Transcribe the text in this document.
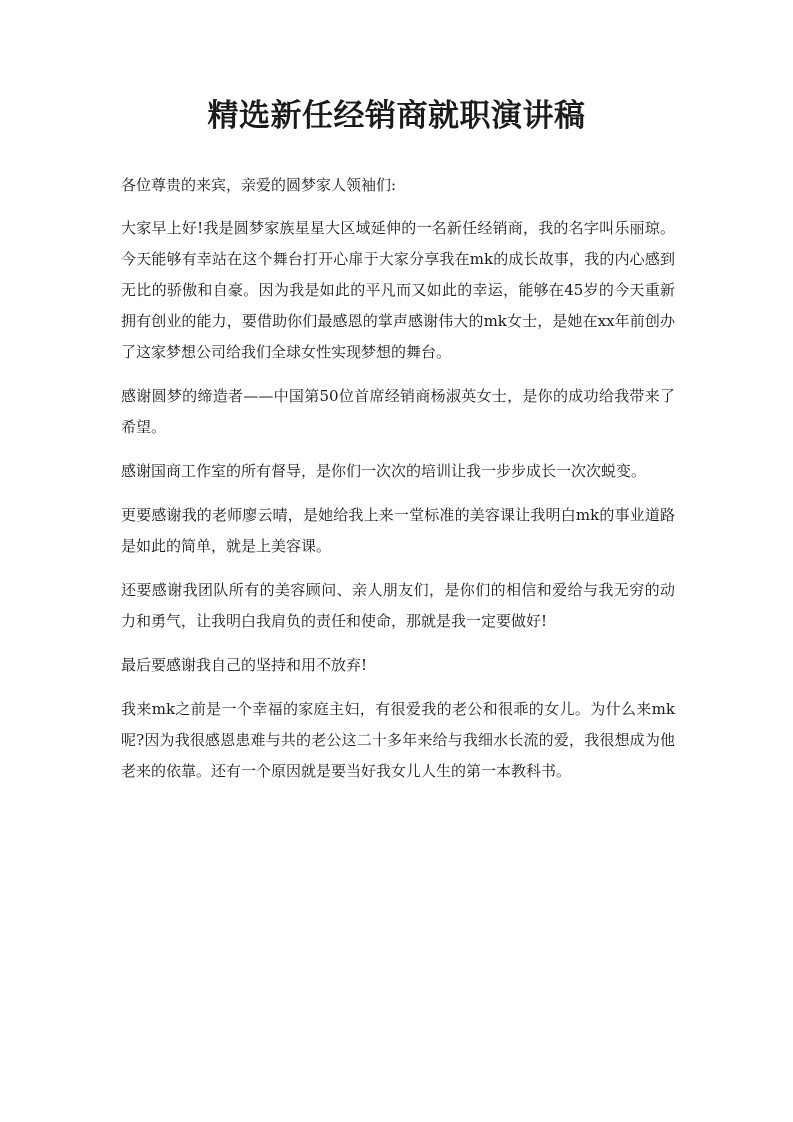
精选新任经销商就职演讲稿

各位尊贵的来宾，亲爱的圆梦家人领袖们:

大家早上好!我是圆梦家族星星大区域延伸的一名新任经销商，我的名字叫乐丽琼。今天能够有幸站在这个舞台打开心扉于大家分享我在mk的成长故事，我的内心感到无比的骄傲和自豪。因为我是如此的平凡而又如此的幸运，能够在45岁的今天重新拥有创业的能力，要借助你们最感恩的掌声感谢伟大的mk女士，是她在xx年前创办了这家梦想公司给我们全球女性实现梦想的舞台。

感谢圆梦的缔造者——中国第50位首席经销商杨淑英女士，是你的成功给我带来了希望。

感谢国商工作室的所有督导，是你们一次次的培训让我一步步成长一次次蜕变。

更要感谢我的老师廖云晴，是她给我上来一堂标准的美容课让我明白mk的事业道路是如此的简单，就是上美容课。

还要感谢我团队所有的美容顾问、亲人朋友们，是你们的相信和爱给与我无穷的动力和勇气，让我明白我肩负的责任和使命，那就是我一定要做好!

最后要感谢我自己的坚持和用不放弃!

我来mk之前是一个幸福的家庭主妇，有很爱我的老公和很乖的女儿。为什么来mk呢?因为我很感恩患难与共的老公这二十多年来给与我细水长流的爱，我很想成为他老来的依靠。还有一个原因就是要当好我女儿人生的第一本教科书。
